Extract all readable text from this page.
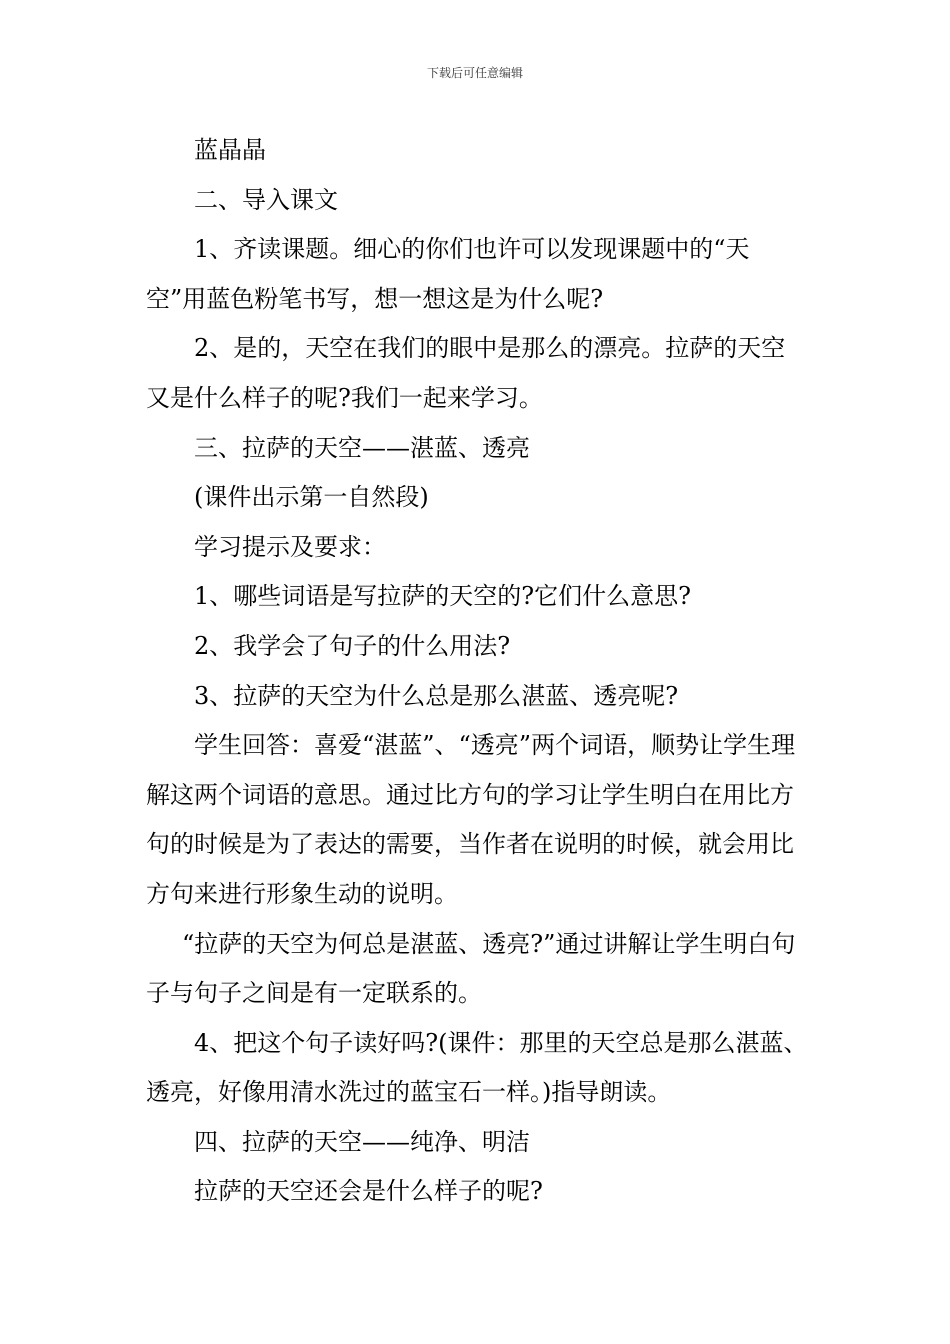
下载后可任意编辑

蓝晶晶

二、导入课文

1、齐读课题。细心的你们也许可以发现课题中的“天空”用蓝色粉笔书写，想一想这是为什么呢?

2、是的，天空在我们的眼中是那么的漂亮。拉萨的天空又是什么样子的呢?我们一起来学习。

三、拉萨的天空——湛蓝、透亮

(课件出示第一自然段)

学习提示及要求：

1、哪些词语是写拉萨的天空的?它们什么意思?

2、我学会了句子的什么用法?

3、拉萨的天空为什么总是那么湛蓝、透亮呢?

学生回答：喜爱“湛蓝”、“透亮”两个词语，顺势让学生理解这两个词语的意思。通过比方句的学习让学生明白在用比方句的时候是为了表达的需要，当作者在说明的时候，就会用比方句来进行形象生动的说明。

“拉萨的天空为何总是湛蓝、透亮?”通过讲解让学生明白句子与句子之间是有一定联系的。

4、把这个句子读好吗?(课件：那里的天空总是那么湛蓝、透亮，好像用清水洗过的蓝宝石一样。)指导朗读。

四、拉萨的天空——纯净、明洁

拉萨的天空还会是什么样子的呢?
